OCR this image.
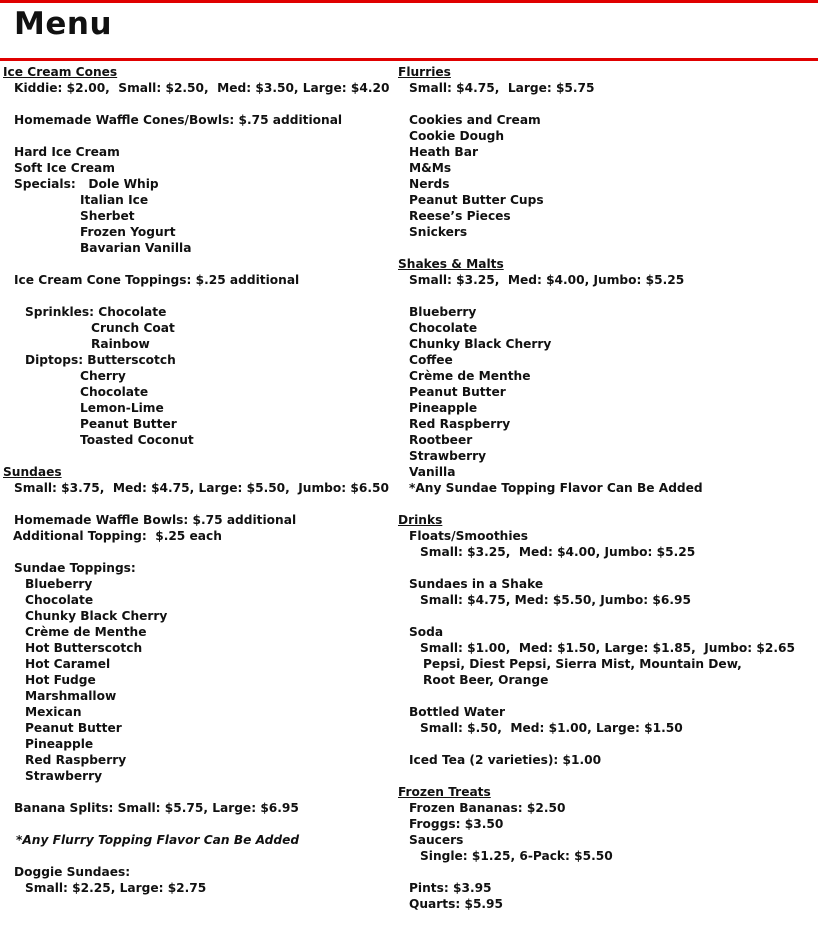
Menu
Ice Cream Cones
Kiddie: $2.00,  Small: $2.50,  Med: $3.50, Large: $4.20
Homemade Waffle Cones/Bowls: $.75 additional
Hard Ice Cream
Soft Ice Cream
Specials:   Dole Whip
Italian Ice
Sherbet
Frozen Yogurt
Bavarian Vanilla
Ice Cream Cone Toppings: $.25 additional
Sprinkles: Chocolate
Crunch Coat
Rainbow
Diptops: Butterscotch
Cherry
Chocolate
Lemon-Lime
Peanut Butter
Toasted Coconut
Sundaes
Small: $3.75,  Med: $4.75, Large: $5.50,  Jumbo: $6.50
Homemade Waffle Bowls: $.75 additional
Additional Topping:  $.25 each
Sundae Toppings:
Blueberry
Chocolate
Chunky Black Cherry
Crème de Menthe
Hot Butterscotch
Hot Caramel
Hot Fudge
Marshmallow
Mexican
Peanut Butter
Pineapple
Red Raspberry
Strawberry
Banana Splits: Small: $5.75, Large: $6.95
*Any Flurry Topping Flavor Can Be Added
Doggie Sundaes:
Small: $2.25, Large: $2.75
Flurries
Small: $4.75,  Large: $5.75
Cookies and Cream
Cookie Dough
Heath Bar
M&Ms
Nerds
Peanut Butter Cups
Reese’s Pieces
Snickers
Shakes & Malts
Small: $3.25,  Med: $4.00, Jumbo: $5.25
Blueberry
Chocolate
Chunky Black Cherry
Coffee
Crème de Menthe
Peanut Butter
Pineapple
Red Raspberry
Rootbeer
Strawberry
Vanilla
*Any Sundae Topping Flavor Can Be Added
Drinks
Floats/Smoothies
Small: $3.25,  Med: $4.00, Jumbo: $5.25
Sundaes in a Shake
Small: $4.75, Med: $5.50, Jumbo: $6.95
Soda
Small: $1.00,  Med: $1.50, Large: $1.85,  Jumbo: $2.65
Pepsi, Diest Pepsi, Sierra Mist, Mountain Dew,
Root Beer, Orange
Bottled Water
Small: $.50,  Med: $1.00, Large: $1.50
Iced Tea (2 varieties): $1.00
Frozen Treats
Frozen Bananas: $2.50
Froggs: $3.50
Saucers
Single: $1.25, 6-Pack: $5.50
Pints: $3.95
Quarts: $5.95
